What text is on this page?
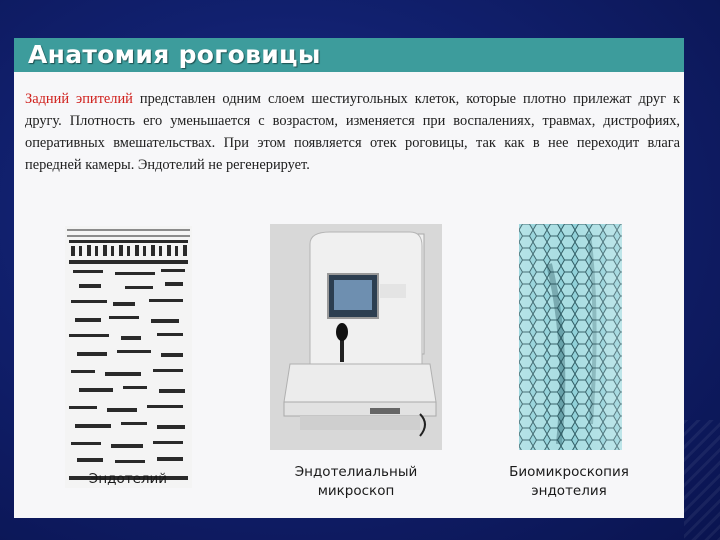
Анатомия роговицы
Задний эпителий представлен одним слоем шестиугольных клеток, которые плотно прилежат друг к другу. Плотность его уменьшается с возрастом, изменяется при воспалениях, травмах, дистрофиях, оперативных вмешательствах. При этом появляется отек роговицы, так как в нее переходит влага передней камеры. Эндотелий не регенерирует.
Эндотелий	Эндотелиальный
микроскоп
Биомикроскопия
эндотелия
